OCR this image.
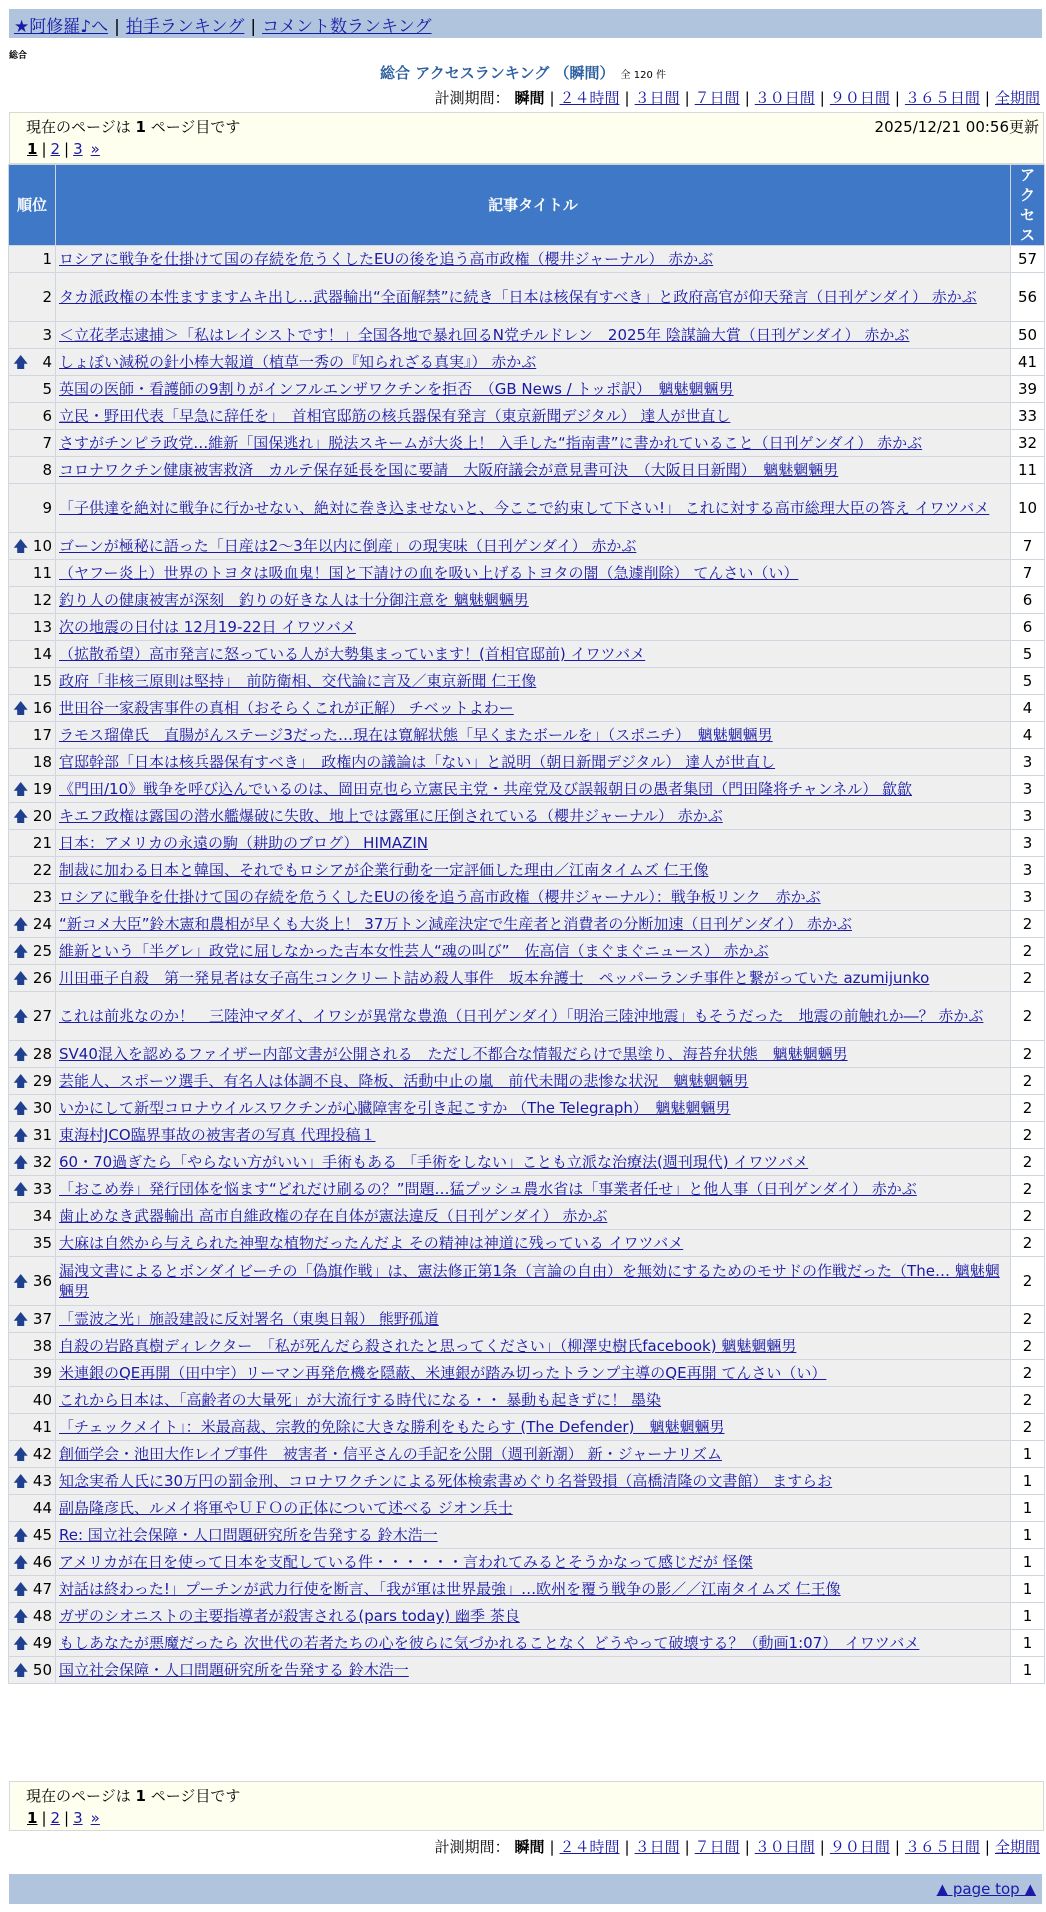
★阿修羅♪へ | 拍手ランキング | コメント数ランキング
総合
総合 アクセスランキング （瞬間） 全 120 件
計測期間： 瞬間 | ２４時間 | ３日間 | ７日間 | ３０日間 | ９０日間 | ３６５日間 | 全期間
現在のページは 1 ページ目です	2025/12/21 00:56更新
1 | 2 | 3 »
順位	記事タイトル	アクセス
1	ロシアに戦争を仕掛けて国の存続を危うくしたEUの後を追う高市政権（櫻井ジャーナル） 赤かぶ	57
2	タカ派政権の本性ますますムキ出し…武器輸出“全面解禁”に続き「日本は核保有すべき」と政府高官が仰天発言（日刊ゲンダイ） 赤かぶ	56
3	＜立花孝志逮捕＞「私はレイシストです！」全国各地で暴れ回るN党チルドレン　2025年 陰謀論大賞（日刊ゲンダイ） 赤かぶ	50

🡅 4	しょぼい減税の針小棒大報道（植草一秀の『知られざる真実』） 赤かぶ	41
5	英国の医師・看護師の9割りがインフルエンザワクチンを拒否　（GB News / トッポ訳）　魑魅魍魎男	39
6	立民・野田代表「早急に辞任を」　首相官邸筋の核兵器保有発言（東京新聞デジタル） 達人が世直し	33
7	さすがチンピラ政党…維新「国保逃れ」脱法スキームが大炎上！ 入手した“指南書”に書かれていること（日刊ゲンダイ） 赤かぶ	32
8	コロナワクチン健康被害救済　カルテ保存延長を国に要請　大阪府議会が意見書可決　（大阪日日新聞）　魑魅魍魎男	11
9	「子供達を絶対に戦争に行かせない、絶対に巻き込ませないと、今ここで約束して下さい!」 これに対する高市総理大臣の答え イワツバメ	10

🡅 10	ゴーンが極秘に語った「日産は2～3年以内に倒産」の現実味（日刊ゲンダイ） 赤かぶ	7
11	（ヤフー炎上）世界のトヨタは吸血鬼！国と下請けの血を吸い上げるトヨタの闇（急遽削除） てんさい（い）	7
12	釣り人の健康被害が深刻　釣りの好きな人は十分御注意を 魑魅魍魎男	6
13	次の地震の日付は 12月19-22日 イワツバメ	6
14	（拡散希望）高市発言に怒っている人が大勢集まっています！(首相官邸前) イワツバメ	5
15	政府「非核三原則は堅持」　前防衛相、交代論に言及／東京新聞 仁王像	5

🡅 16	世田谷一家殺害事件の真相（おそらくこれが正解） チベットよわー	4
17	ラモス瑠偉氏　直腸がんステージ3だった…現在は寛解状態「早くまたボールを」（スポニチ）　魑魅魍魎男	4
18	官邸幹部「日本は核兵器保有すべき」　政権内の議論は「ない」と説明（朝日新聞デジタル） 達人が世直し	3

🡅 19	《門田/10》戦争を呼び込んでいるのは、岡田克也ら立憲民主党・共産党及び誤報朝日の愚者集団（門田隆将チャンネル） 歙歙	3

🡅 20	キエフ政権は露国の潜水艦爆破に失敗、地上では露軍に圧倒されている（櫻井ジャーナル） 赤かぶ	3
21	日本：アメリカの永遠の駒（耕助のブログ） HIMAZIN	3
22	制裁に加わる日本と韓国、それでもロシアが企業行動を一定評価した理由／江南タイムズ 仁王像	3
23	ロシアに戦争を仕掛けて国の存続を危うくしたEUの後を追う高市政権（櫻井ジャーナル）：戦争板リンク　赤かぶ	3

🡅 24	“新コメ大臣”鈴木憲和農相が早くも大炎上！ 37万トン減産決定で生産者と消費者の分断加速（日刊ゲンダイ） 赤かぶ	2

🡅 25	維新という「半グレ」政党に屈しなかった吉本女性芸人“魂の叫び”　佐高信（まぐまぐニュース） 赤かぶ	2

🡅 26	川田亜子自殺　第一発見者は女子高生コンクリート詰め殺人事件　坂本弁護士　ペッパーランチ事件と繋がっていた azumijunko	2

🡅 27	これは前兆なのか！　三陸沖マダイ、イワシが異常な豊漁（日刊ゲンダイ）「明治三陸沖地震」もそうだった　地震の前触れか―？ 赤かぶ	2

🡅 28	SV40混入を認めるファイザー内部文書が公開される　ただし不都合な情報だらけで黒塗り、海苔弁状態　魑魅魍魎男	2

🡅 29	芸能人、スポーツ選手、有名人は体調不良、降板、活動中止の嵐　前代未聞の悲惨な状況　魑魅魍魎男	2

🡅 30	いかにして新型コロナウイルスワクチンが心臓障害を引き起こすか （The Telegraph）　魑魅魍魎男	2

🡅 31	東海村JCO臨界事故の被害者の写真 代理投稿１	2

🡅 32	60・70過ぎたら「やらない方がいい」手術もある 「手術をしない」ことも立派な治療法(週刊現代) イワツバメ	2

🡅 33	「おこめ券」発行団体を悩ます“どれだけ刷るの？”問題…猛プッシュ農水省は「事業者任せ」と他人事（日刊ゲンダイ） 赤かぶ	2
34	歯止めなき武器輸出 高市自維政権の存在自体が憲法違反（日刊ゲンダイ） 赤かぶ	2
35	大麻は自然から与えられた神聖な植物だったんだよ その精神は神道に残っている イワツバメ	2

🡅 36	漏洩文書によるとボンダイビーチの「偽旗作戦」は、憲法修正第1条（言論の自由）を無効にするためのモサドの作戦だった（The… 魑魅魍魎男	2

🡅 37	「霊波之光」施設建設に反対署名（東奥日報） 熊野孤道	2
38	自殺の岩路真樹ディレクター　「私が死んだら殺されたと思ってください」（柳澤史樹氏facebook) 魑魅魍魎男	2
39	米連銀のQE再開（田中宇）リーマン再発危機を隠蔽、米連銀が踏み切ったトランプ主導のQE再開 てんさい（い）	2
40	これから日本は、「高齢者の大量死」が大流行する時代になる・・ 暴動も起きずに！ 墨染	2
41	「チェックメイト」：米最高裁、宗教的免除に大きな勝利をもたらす (The Defender)　魑魅魍魎男	2

🡅 42	創価学会・池田大作レイプ事件　被害者・信平さんの手記を公開（週刊新潮） 新・ジャーナリズム	1

🡅 43	知念実希人氏に30万円の罰金刑、コロナワクチンによる死体検索書めぐり名誉毀損（高橋清隆の文書館） ますらお	1
44	副島隆彦氏、ルメイ将軍やＵＦＯの正体について述べる ジオン兵士	1

🡅 45	Re: 国立社会保障・人口問題研究所を告発する 鈴木浩一	1

🡅 46	アメリカが在日を使って日本を支配している件・・・・・・言われてみるとそうかなって感じだが 怪傑	1

🡅 47	対話は終わった!」プーチンが武力行使を断言、「我が軍は世界最強」…欧州を覆う戦争の影／／江南タイムズ 仁王像	1

🡅 48	ガザのシオニストの主要指導者が殺害される(pars today) 幽季 茶良	1

🡅 49	もしあなたが悪魔だったら 次世代の若者たちの心を彼らに気づかれることなく どうやって破壊する？（動画1:07）　イワツバメ	1

🡅 50	国立社会保障・人口問題研究所を告発する 鈴木浩一	1
現在のページは 1 ページ目です
1 | 2 | 3 »
計測期間： 瞬間 | ２４時間 | ３日間 | ７日間 | ３０日間 | ９０日間 | ３６５日間 | 全期間
▲ page top ▲
